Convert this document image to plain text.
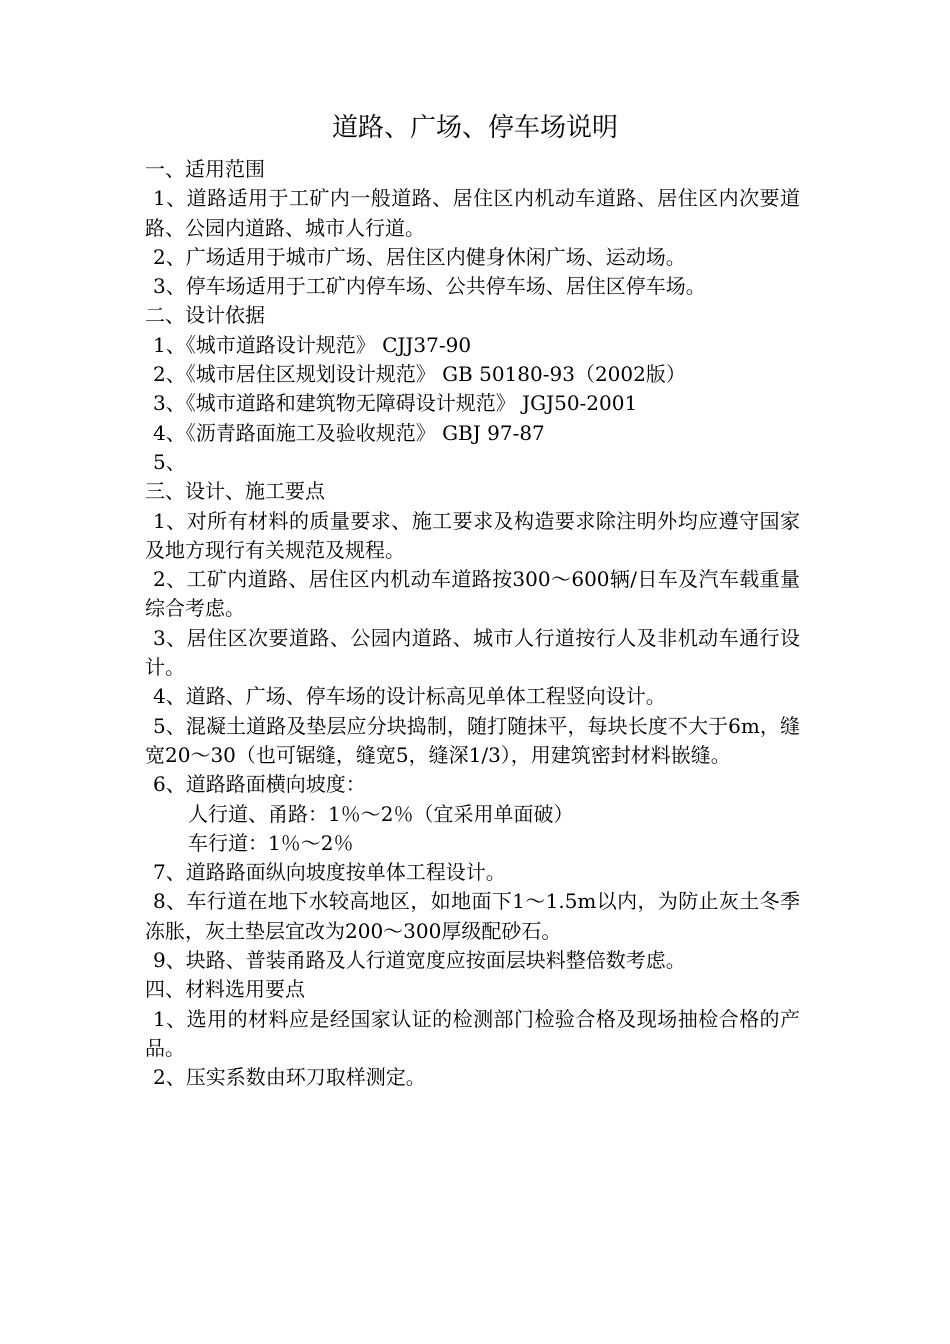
道路、广场、停车场说明
一、适用范围
1、道路适用于工矿内一般道路、居住区内机动车道路、居住区内次要道路、公园内道路、城市人行道。
2、广场适用于城市广场、居住区内健身休闲广场、运动场。
3、停车场适用于工矿内停车场、公共停车场、居住区停车场。
二、设计依据
1、《城市道路设计规范》 CJJ37-90
2、《城市居住区规划设计规范》 GB 50180-93（2002版）
3、《城市道路和建筑物无障碍设计规范》 JGJ50-2001
4、《沥青路面施工及验收规范》 GBJ 97-87
5、
三、设计、施工要点
1、对所有材料的质量要求、施工要求及构造要求除注明外均应遵守国家及地方现行有关规范及规程。
2、工矿内道路、居住区内机动车道路按300～600辆/日车及汽车载重量综合考虑。
3、居住区次要道路、公园内道路、城市人行道按行人及非机动车通行设计。
4、道路、广场、停车场的设计标高见单体工程竖向设计。
5、混凝土道路及垫层应分块捣制，随打随抹平，每块长度不大于6m，缝宽20～30（也可锯缝，缝宽5，缝深1/3），用建筑密封材料嵌缝。
6、道路路面横向坡度：
人行道、甬路：1％～2％（宜采用单面破）
车行道：1％～2％
7、道路路面纵向坡度按单体工程设计。
8、车行道在地下水较高地区，如地面下1～1.5m以内，为防止灰土冬季冻胀，灰土垫层宜改为200～300厚级配砂石。
9、块路、普装甬路及人行道宽度应按面层块料整倍数考虑。
四、材料选用要点
1、选用的材料应是经国家认证的检测部门检验合格及现场抽检合格的产品。
2、压实系数由环刀取样测定。
